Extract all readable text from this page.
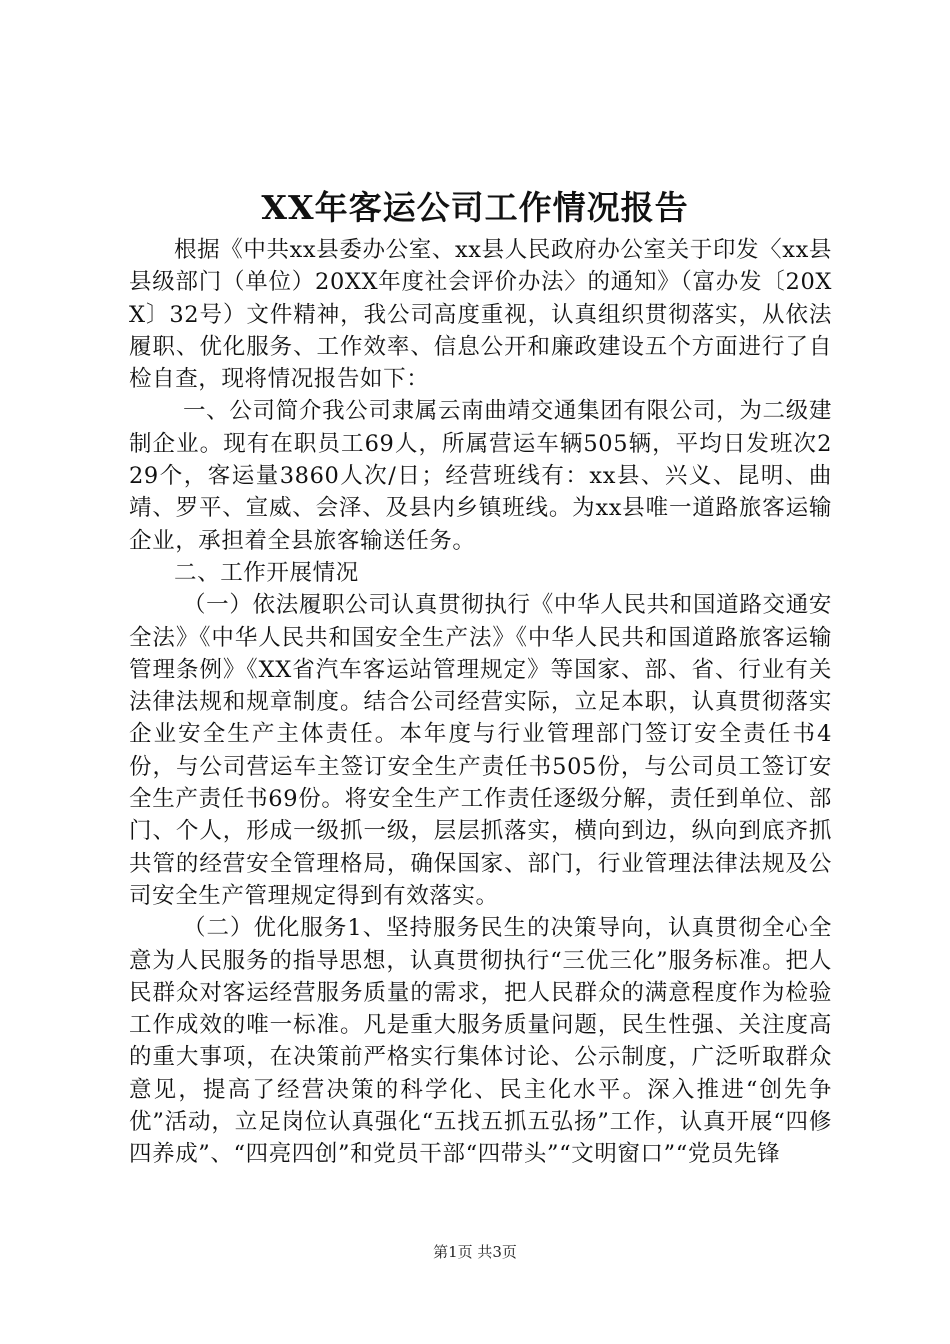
XX年客运公司工作情况报告

根据《中共xx县委办公室、xx县人民政府办公室关于印发〈xx县县级部门（单位）20XX年度社会评价办法〉的通知》（富办发〔20XX〕32号）文件精神，我公司高度重视，认真组织贯彻落实，从依法履职、优化服务、工作效率、信息公开和廉政建设五个方面进行了自检自查，现将情况报告如下：

一、公司简介我公司隶属云南曲靖交通集团有限公司，为二级建制企业。现有在职员工69人，所属营运车辆505辆，平均日发班次229个，客运量3860人次/日；经营班线有：xx县、兴义、昆明、曲靖、罗平、宣威、会泽、及县内乡镇班线。为xx县唯一道路旅客运输企业，承担着全县旅客输送任务。

二、工作开展情况

（一）依法履职公司认真贯彻执行《中华人民共和国道路交通安全法》《中华人民共和国安全生产法》《中华人民共和国道路旅客运输管理条例》《XX省汽车客运站管理规定》等国家、部、省、行业有关法律法规和规章制度。结合公司经营实际，立足本职，认真贯彻落实企业安全生产主体责任。本年度与行业管理部门签订安全责任书4份，与公司营运车主签订安全生产责任书505份，与公司员工签订安全生产责任书69份。将安全生产工作责任逐级分解，责任到单位、部门、个人，形成一级抓一级，层层抓落实，横向到边，纵向到底齐抓共管的经营安全管理格局，确保国家、部门，行业管理法律法规及公司安全生产管理规定得到有效落实。

（二）优化服务1、坚持服务民生的决策导向，认真贯彻全心全意为人民服务的指导思想，认真贯彻执行“三优三化”服务标准。把人民群众对客运经营服务质量的需求，把人民群众的满意程度作为检验工作成效的唯一标准。凡是重大服务质量问题，民生性强、关注度高的重大事项，在决策前严格实行集体讨论、公示制度，广泛听取群众意见，提高了经营决策的科学化、民主化水平。深入推进“创先争优”活动，立足岗位认真强化“五找五抓五弘扬”工作，认真开展“四修四养成”、“四亮四创”和党员干部“四带头”“文明窗口”“党员先锋

第1页 共3页
